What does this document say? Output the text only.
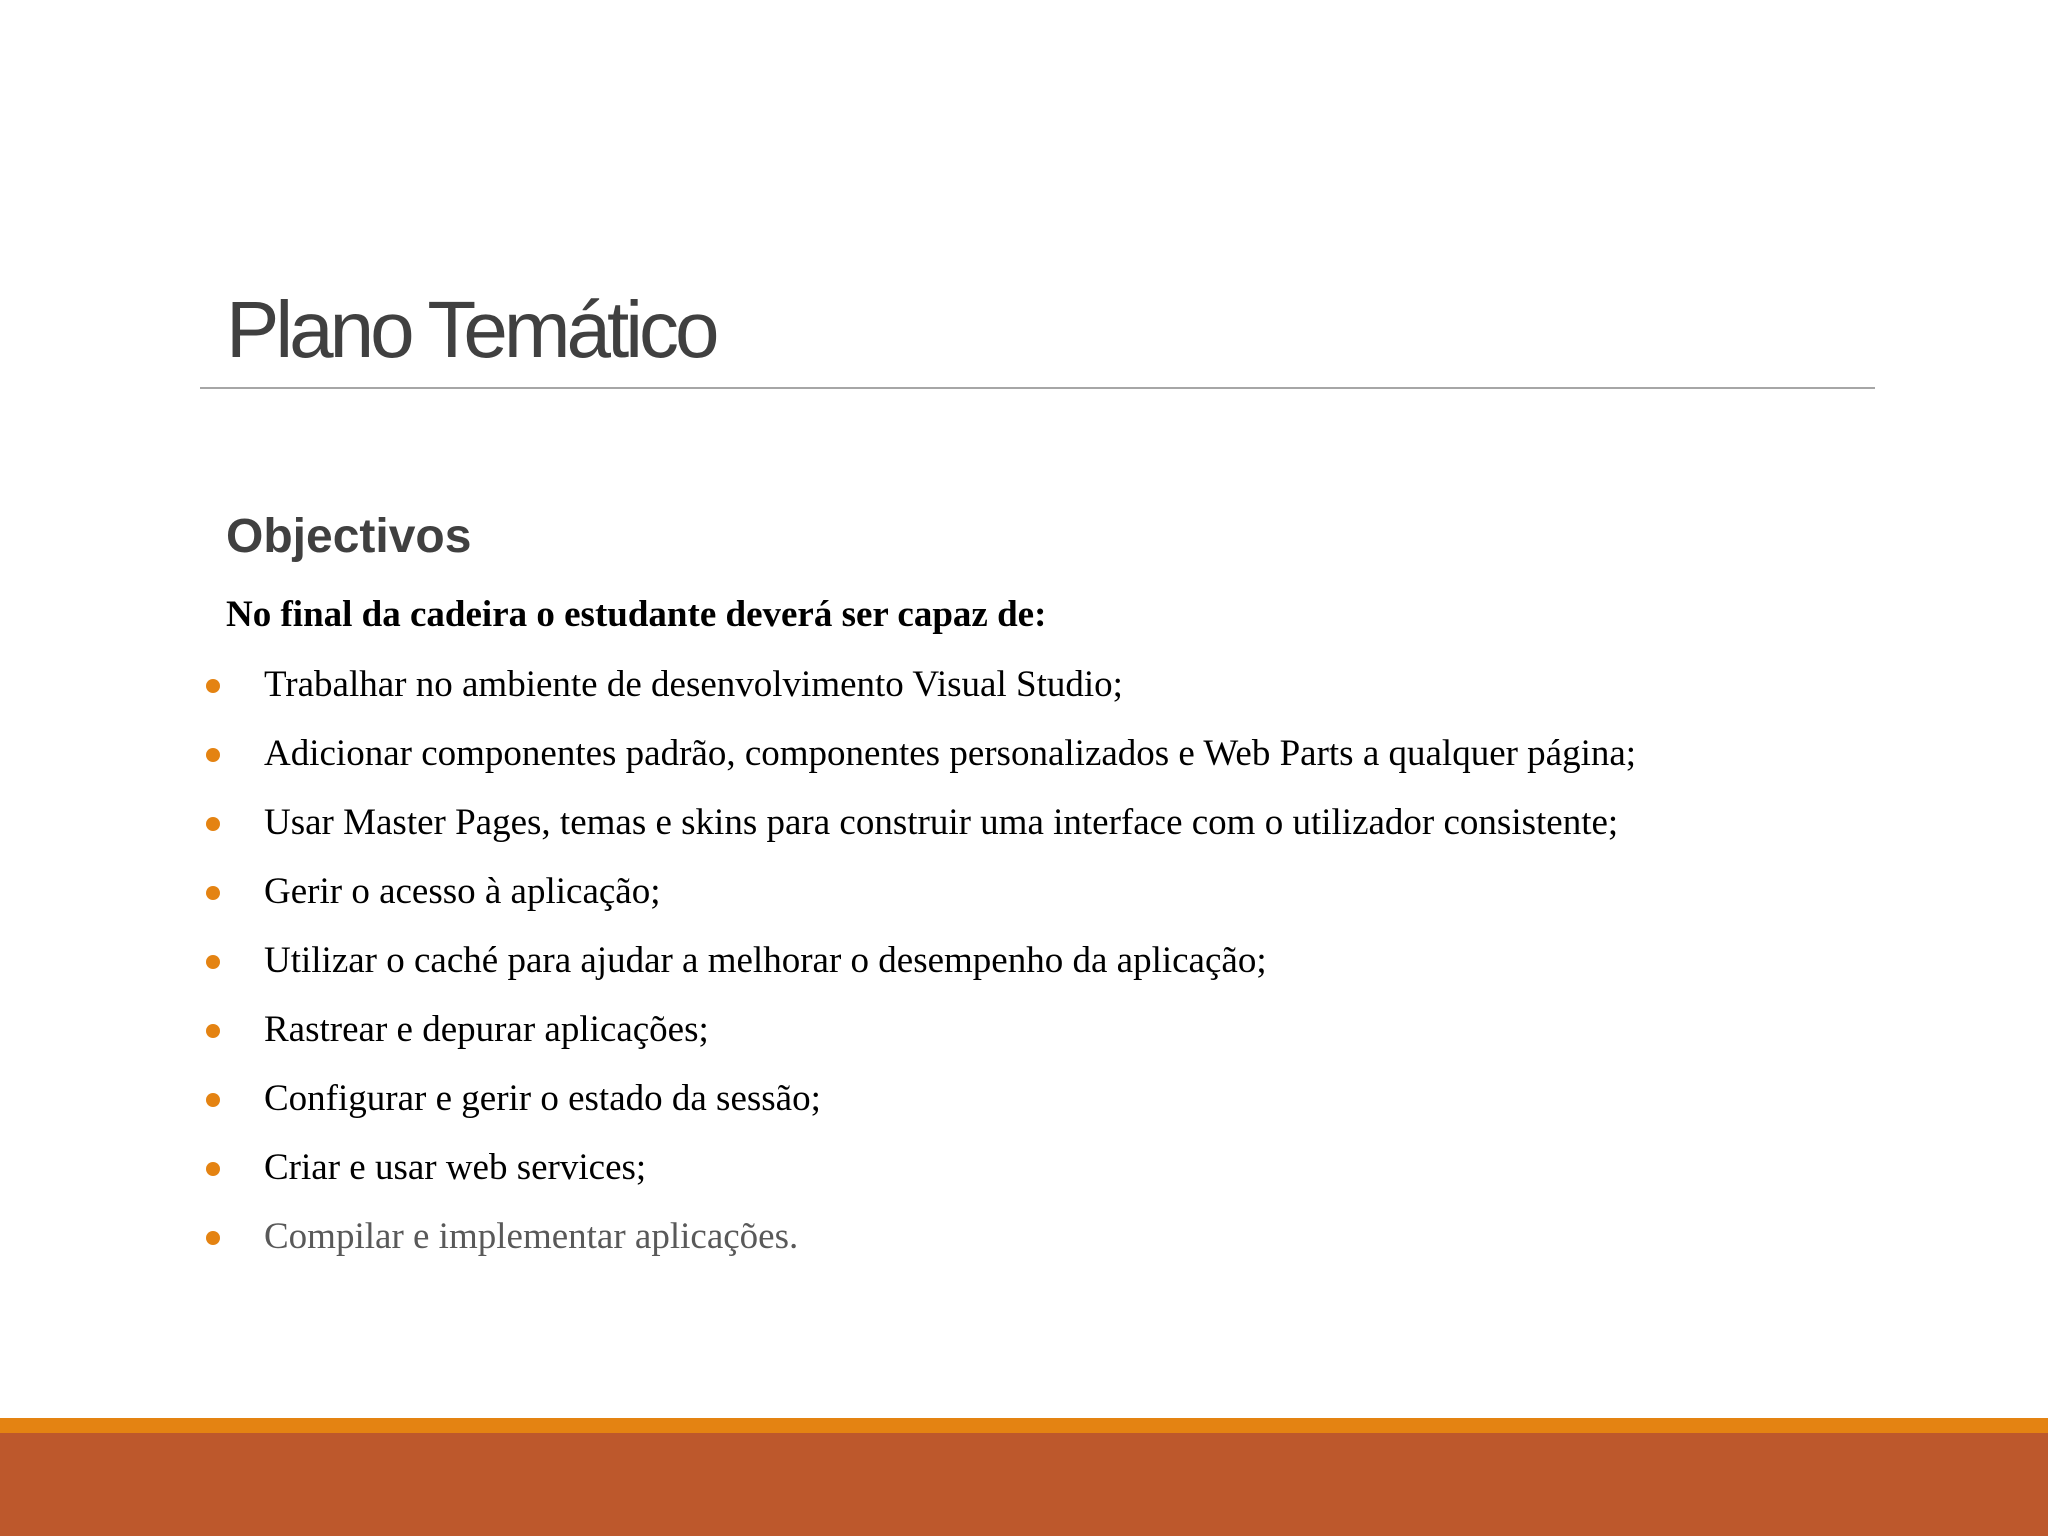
Plano Temático
Objectivos

No final da cadeira o estudante deverá ser capaz de:

Trabalhar no ambiente de desenvolvimento Visual Studio;
Adicionar componentes padrão, componentes personalizados e Web Parts a qualquer página;
Usar Master Pages, temas e skins para construir uma interface com o utilizador consistente;
Gerir o acesso à aplicação;
Utilizar o caché para ajudar a melhorar o desempenho da aplicação;
Rastrear e depurar aplicações;
Configurar e gerir o estado da sessão;
Criar e usar web services;
Compilar e implementar aplicações.
